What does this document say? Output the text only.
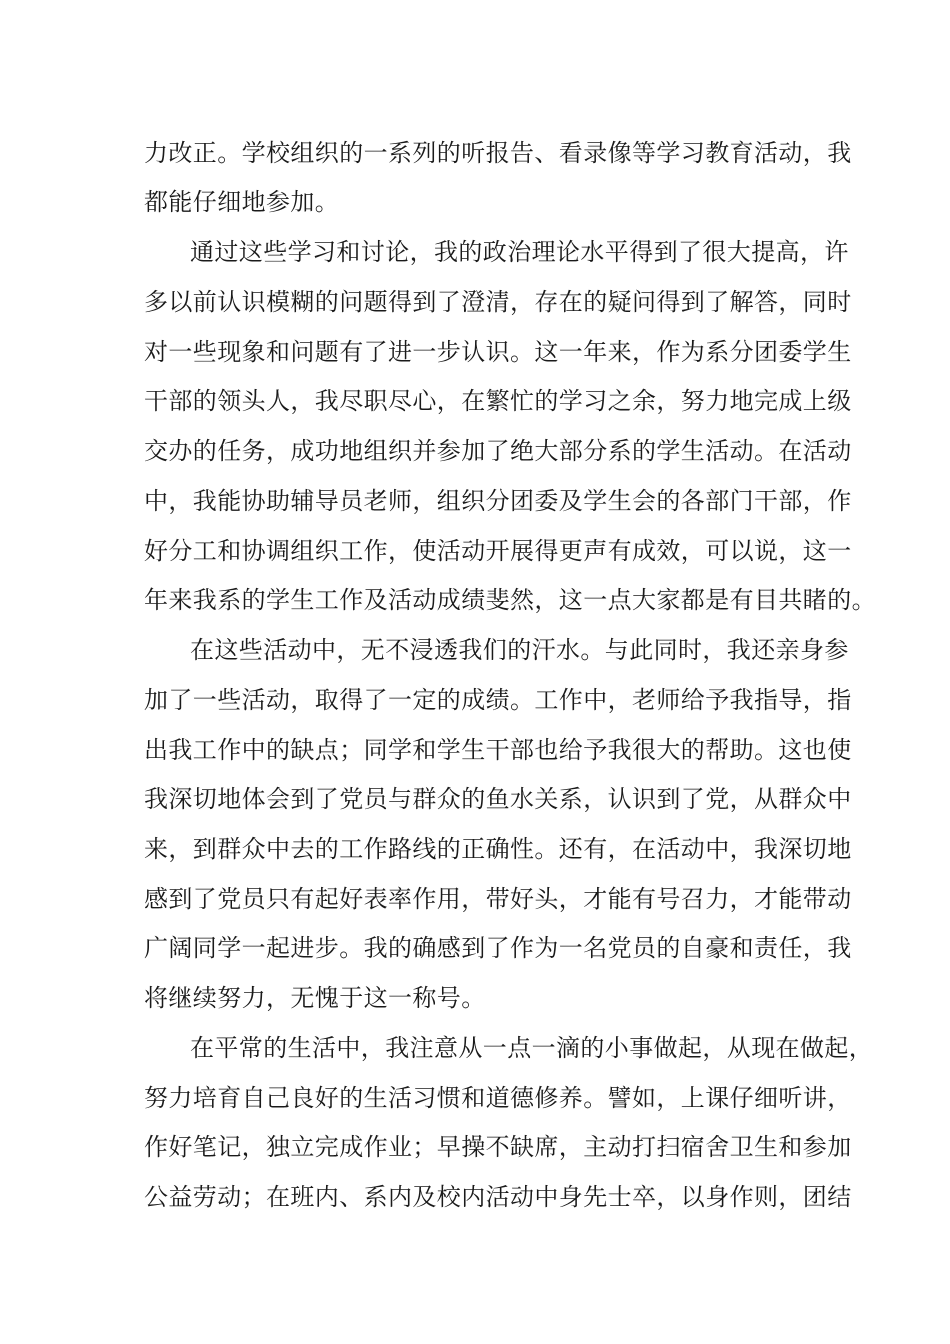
力改正。学校组织的一系列的听报告、看录像等学习教育活动，我
都能仔细地参加。
通过这些学习和讨论，我的政治理论水平得到了很大提高，许
多以前认识模糊的问题得到了澄清，存在的疑问得到了解答，同时
对一些现象和问题有了进一步认识。这一年来，作为系分团委学生
干部的领头人，我尽职尽心，在繁忙的学习之余，努力地完成上级
交办的任务，成功地组织并参加了绝大部分系的学生活动。在活动
中，我能协助辅导员老师，组织分团委及学生会的各部门干部，作
好分工和协调组织工作，使活动开展得更声有成效，可以说，这一
年来我系的学生工作及活动成绩斐然，这一点大家都是有目共睹的。
在这些活动中，无不浸透我们的汗水。与此同时，我还亲身参
加了一些活动，取得了一定的成绩。工作中，老师给予我指导，指
出我工作中的缺点；同学和学生干部也给予我很大的帮助。这也使
我深切地体会到了党员与群众的鱼水关系，认识到了党，从群众中
来，到群众中去的工作路线的正确性。还有，在活动中，我深切地
感到了党员只有起好表率作用，带好头，才能有号召力，才能带动
广阔同学一起进步。我的确感到了作为一名党员的自豪和责任，我
将继续努力，无愧于这一称号。
在平常的生活中，我注意从一点一滴的小事做起，从现在做起，
努力培育自己良好的生活习惯和道德修养。譬如，上课仔细听讲，
作好笔记，独立完成作业；早操不缺席，主动打扫宿舍卫生和参加
公益劳动；在班内、系内及校内活动中身先士卒，以身作则，团结
